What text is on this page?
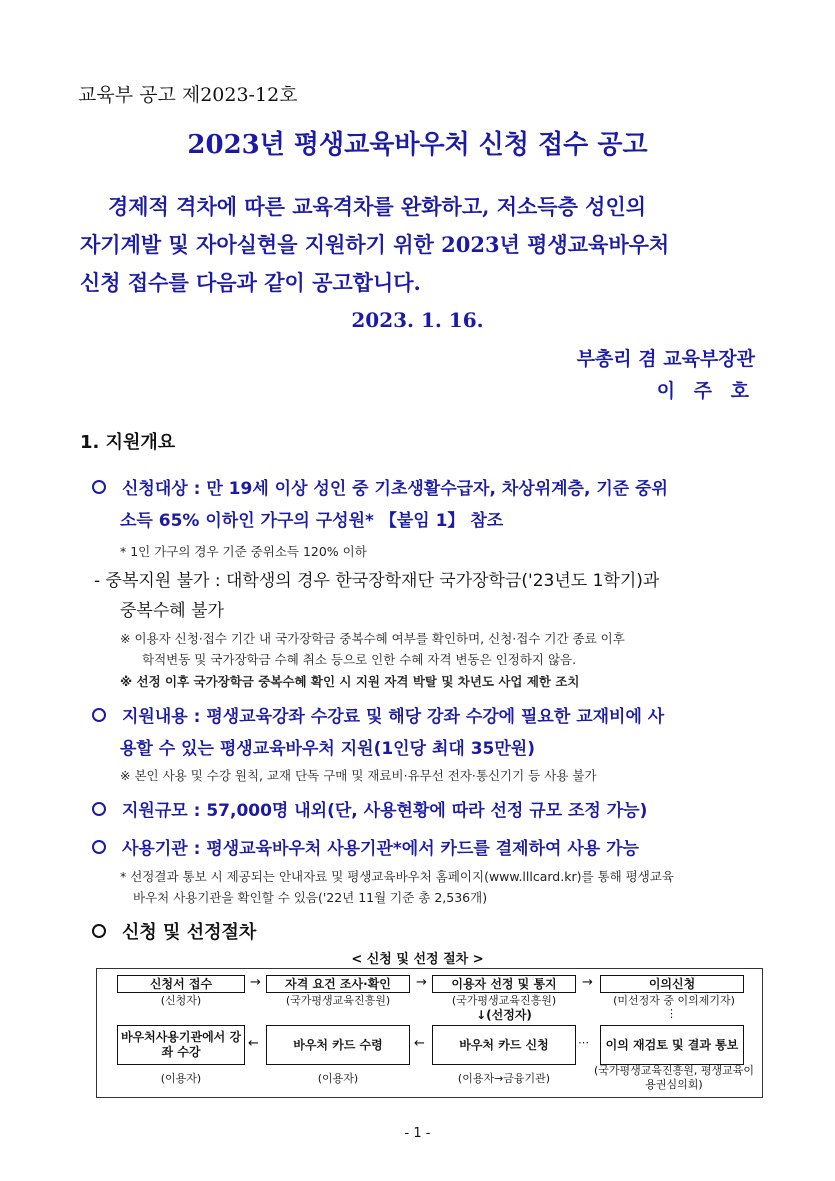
교육부 공고 제2023-12호
2023년 평생교육바우처 신청 접수 공고
경제적 격차에 따른 교육격차를 완화하고, 저소득층 성인의
자기계발 및 자아실현을 지원하기 위한 2023년 평생교육바우처
신청 접수를 다음과 같이 공고합니다.
2023. 1. 16.
부총리 겸 교육부장관
이 주 호
1. 지원개요
신청대상 : 만 19세 이상 성인 중 기초생활수급자, 차상위계층, 기준 중위
소득 65% 이하인 가구의 구성원* 【붙임 1】 참조
* 1인 가구의 경우 기준 중위소득 120% 이하
- 중복지원 불가 : 대학생의 경우 한국장학재단 국가장학금('23년도 1학기)과
중복수혜 불가
※ 이용자 신청·접수 기간 내 국가장학금 중복수혜 여부를 확인하며, 신청·접수 기간 종료 이후
학적변동 및 국가장학금 수혜 취소 등으로 인한 수혜 자격 변동은 인정하지 않음.
※ 선정 이후 국가장학금 중복수혜 확인 시 지원 자격 박탈 및 차년도 사업 제한 조치
지원내용 : 평생교육강좌 수강료 및 해당 강좌 수강에 필요한 교재비에 사
용할 수 있는 평생교육바우처 지원(1인당 최대 35만원)
※ 본인 사용 및 수강 원칙, 교재 단독 구매 및 재료비·유무선 전자·통신기기 등 사용 불가
지원규모 : 57,000명 내외(단, 사용현황에 따라 선정 규모 조정 가능)
사용기관 : 평생교육바우처 사용기관*에서 카드를 결제하여 사용 가능
* 선정결과 통보 시 제공되는 안내자료 및 평생교육바우처 홈페이지(www.lllcard.kr)를 통해 평생교육
바우처 사용기관을 확인할 수 있음('22년 11월 기준 총 2,536개)
신청 및 선정절차
< 신청 및 선정 절차 >
신청서 접수
(신청자)
→	자격 요건 조사·확인
(국가평생교육진흥원)
→	이용자 선정 및 통지
(국가평생교육진흥원)
↓(선정자)
→	이의신청
(미선정자 중 이의제기자)
⋮
바우처사용기관에서 강좌 수강
(이용자)
←	바우처 카드 수령
(이용자)
←	바우처 카드 신청
(이용자→금융기관)
⋯	이의 재검토 및 결과 통보
(국가평생교육진흥원, 평생교육이용권심의회)
- 1 -
